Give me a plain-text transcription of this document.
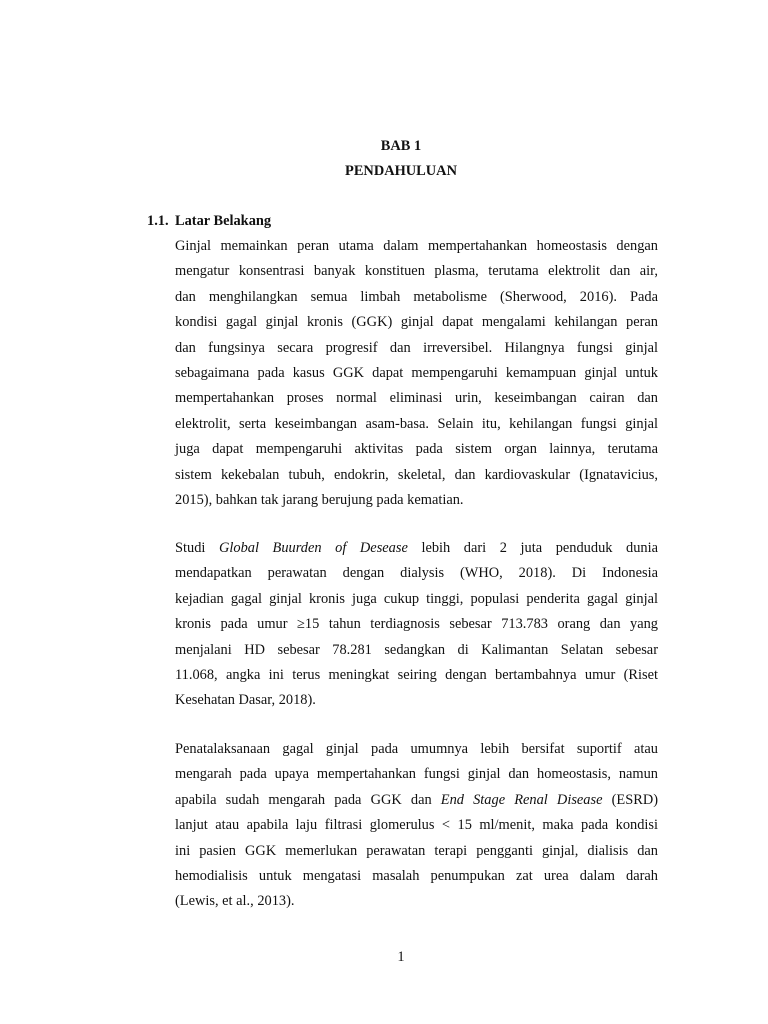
BAB 1
PENDAHULUAN
1.1. Latar Belakang
Ginjal memainkan peran utama dalam mempertahankan homeostasis dengan
mengatur konsentrasi banyak konstituen plasma, terutama elektrolit dan air,
dan menghilangkan semua limbah metabolisme (Sherwood, 2016). Pada
kondisi gagal ginjal kronis (GGK) ginjal dapat mengalami kehilangan peran
dan fungsinya secara progresif dan irreversibel. Hilangnya fungsi ginjal
sebagaimana pada kasus GGK dapat mempengaruhi kemampuan ginjal untuk
mempertahankan proses normal eliminasi urin, keseimbangan cairan dan
elektrolit, serta keseimbangan asam-basa. Selain itu, kehilangan fungsi ginjal
juga dapat mempengaruhi aktivitas pada sistem organ lainnya, terutama
sistem kekebalan tubuh, endokrin, skeletal, dan kardiovaskular (Ignatavicius,
2015), bahkan tak jarang berujung pada kematian.
Studi Global Buurden of Desease lebih dari 2 juta penduduk dunia
mendapatkan perawatan dengan dialysis (WHO, 2018). Di Indonesia
kejadian gagal ginjal kronis juga cukup tinggi, populasi penderita gagal ginjal
kronis pada umur ≥15 tahun terdiagnosis sebesar 713.783 orang dan yang
menjalani HD sebesar 78.281 sedangkan di Kalimantan Selatan sebesar
11.068, angka ini terus meningkat seiring dengan bertambahnya umur (Riset
Kesehatan Dasar, 2018).
Penatalaksanaan gagal ginjal pada umumnya lebih bersifat suportif atau
mengarah pada upaya mempertahankan fungsi ginjal dan homeostasis, namun
apabila sudah mengarah pada GGK dan End Stage Renal Disease (ESRD)
lanjut atau apabila laju filtrasi glomerulus < 15 ml/menit, maka pada kondisi
ini pasien GGK memerlukan perawatan terapi pengganti ginjal, dialisis dan
hemodialisis untuk mengatasi masalah penumpukan zat urea dalam darah
(Lewis, et al., 2013).
1
